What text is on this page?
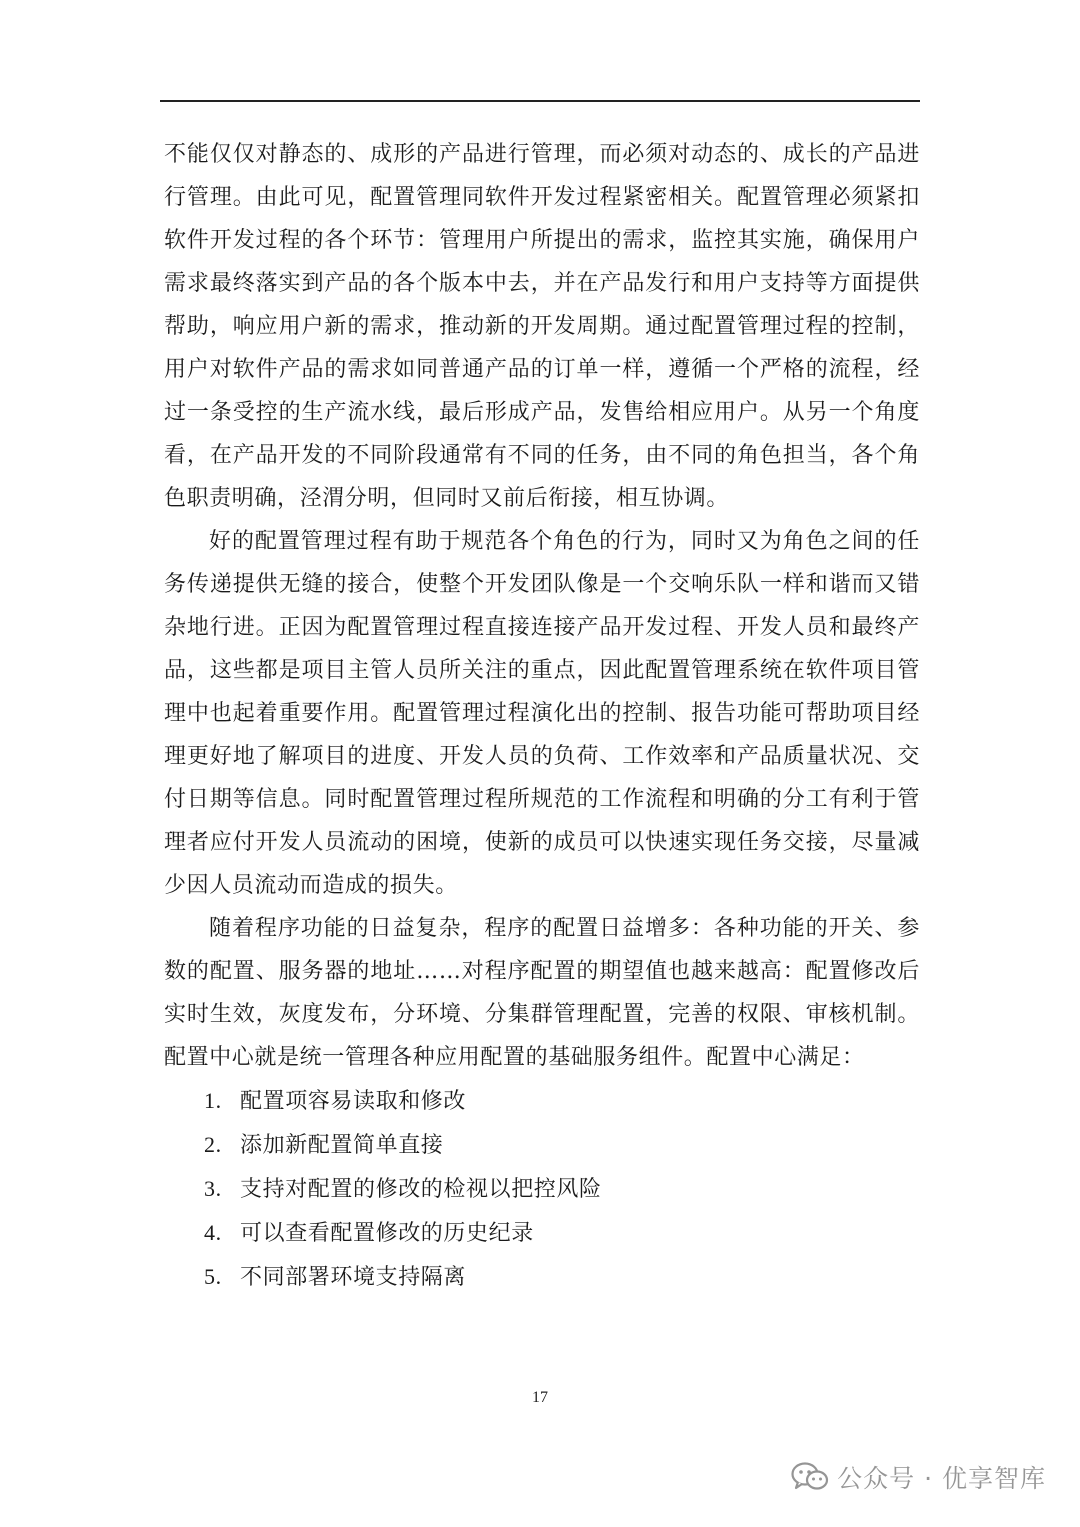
不能仅仅对静态的、成形的产品进行管理，而必须对动态的、成长的产品进行管理。由此可见，配置管理同软件开发过程紧密相关。配置管理必须紧扣软件开发过程的各个环节：管理用户所提出的需求，监控其实施，确保用户需求最终落实到产品的各个版本中去，并在产品发行和用户支持等方面提供帮助，响应用户新的需求，推动新的开发周期。通过配置管理过程的控制，用户对软件产品的需求如同普通产品的订单一样，遵循一个严格的流程，经过一条受控的生产流水线，最后形成产品，发售给相应用户。从另一个角度看，在产品开发的不同阶段通常有不同的任务，由不同的角色担当，各个角色职责明确，泾渭分明，但同时又前后衔接，相互协调。

好的配置管理过程有助于规范各个角色的行为，同时又为角色之间的任务传递提供无缝的接合，使整个开发团队像是一个交响乐队一样和谐而又错杂地行进。正因为配置管理过程直接连接产品开发过程、开发人员和最终产品，这些都是项目主管人员所关注的重点，因此配置管理系统在软件项目管理中也起着重要作用。配置管理过程演化出的控制、报告功能可帮助项目经理更好地了解项目的进度、开发人员的负荷、工作效率和产品质量状况、交付日期等信息。同时配置管理过程所规范的工作流程和明确的分工有利于管理者应付开发人员流动的困境，使新的成员可以快速实现任务交接，尽量减少因人员流动而造成的损失。

随着程序功能的日益复杂，程序的配置日益增多：各种功能的开关、参数的配置、服务器的地址……对程序配置的期望值也越来越高：配置修改后实时生效，灰度发布，分环境、分集群管理配置，完善的权限、审核机制。配置中心就是统一管理各种应用配置的基础服务组件。配置中心满足：

1. 配置项容易读取和修改
2. 添加新配置简单直接
3. 支持对配置的修改的检视以把控风险
4. 可以查看配置修改的历史纪录
5. 不同部署环境支持隔离
17
公众号 · 优享智库
